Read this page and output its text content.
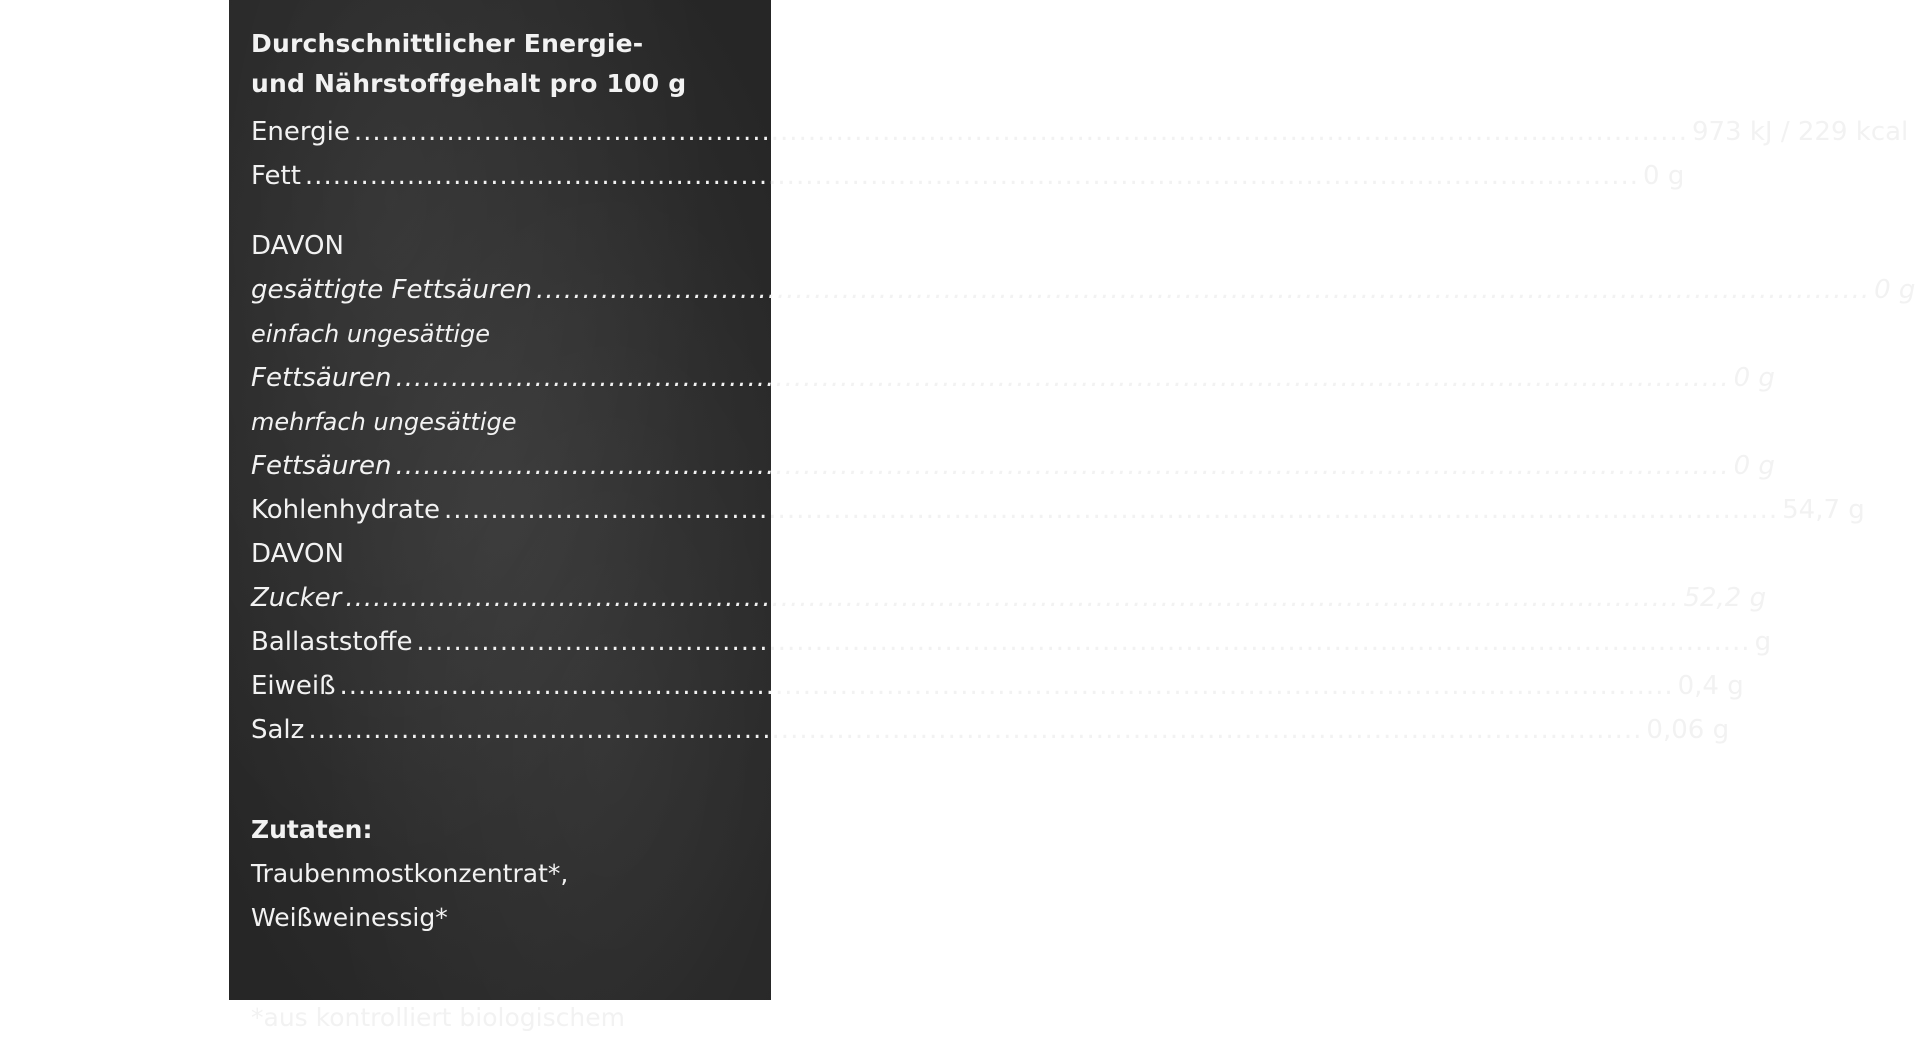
Durchschnittlicher Energie-
und Nährstoffgehalt pro 100 g
Energie .....	973 kJ / 229 kcal
Fett .....	0 g
DAVON
gesättigte Fettsäuren .....	0 g
einfach ungesättige
Fettsäuren .....	0 g
mehrfach ungesättige
Fettsäuren .....	0 g
Kohlenhydrate .....	54,7 g
DAVON
Zucker .....	52,2 g
Ballaststoffe .....	g
Eiweiß .....	0,4 g
Salz .....	0,06 g
Zutaten:
Traubenmostkonzentrat*,
Weißweinessig*
*aus kontrolliert biologischem
